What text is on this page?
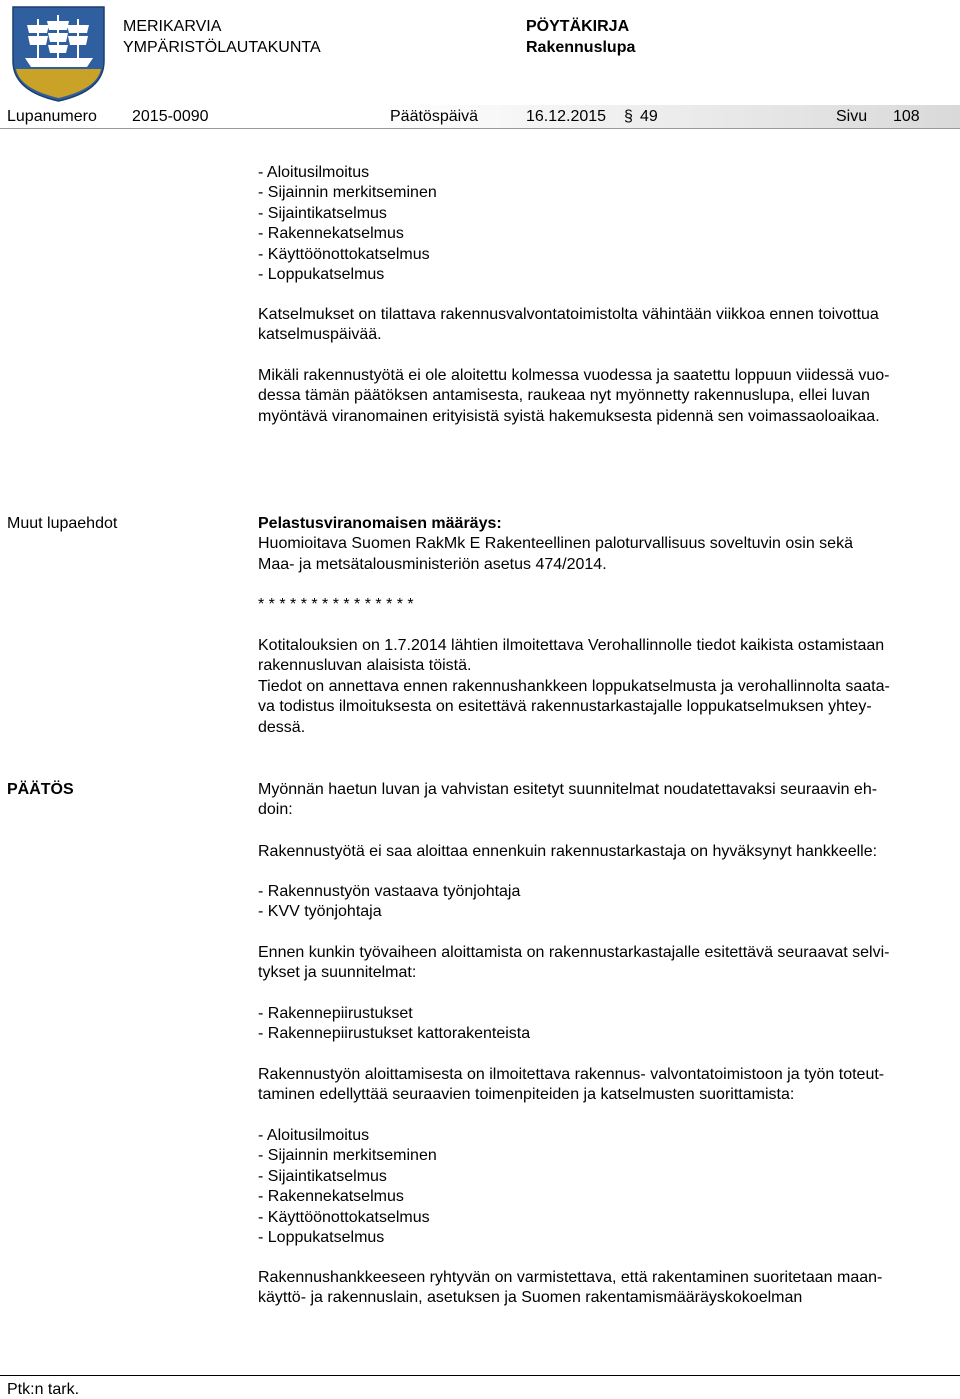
MERIKARVIA
YMPÄRISTÖLAUTAKUNTA
PÖYTÄKIRJA
Rakennuslupa
Lupanumero 2015-0090	Päätöspäivä	16.12.2015 § 49	Sivu 108
- Aloitusilmoitus
- Sijainnin merkitseminen
- Sijaintikatselmus
- Rakennekatselmus
- Käyttöönottokatselmus
- Loppukatselmus
Katselmukset on tilattava rakennusvalvontatoimistolta vähintään viikkoa ennen toivottua
katselmuspäivää.
Mikäli rakennustyötä ei ole aloitettu kolmessa vuodessa ja saatettu loppuun viidessä vuo-
dessa tämän päätöksen antamisesta, raukeaa nyt myönnetty rakennuslupa, ellei luvan
myöntävä viranomainen erityisistä syistä hakemuksesta pidennä sen voimassaoloaikaa.
Muut lupaehdot	Pelastusviranomaisen määräys:
Huomioitava Suomen RakMk E Rakenteellinen paloturvallisuus soveltuvin osin sekä
Maa- ja metsätalousministeriön asetus 474/2014.
* * * * * * * * * * * * * * *
Kotitalouksien on 1.7.2014 lähtien ilmoitettava Verohallinnolle tiedot kaikista ostamistaan
rakennusluvan alaisista töistä.
Tiedot on annettava ennen rakennushankkeen loppukatselmusta ja verohallinnolta saata-
va todistus ilmoituksesta on esitettävä rakennustarkastajalle loppukatselmuksen yhtey-
dessä.
PÄÄTÖS	Myönnän haetun luvan ja vahvistan esitetyt suunnitelmat noudatettavaksi seuraavin eh-
doin:
Rakennustyötä ei saa aloittaa ennenkuin rakennustarkastaja on hyväksynyt hankkeelle:
- Rakennustyön vastaava työnjohtaja
- KVV työnjohtaja
Ennen kunkin työvaiheen aloittamista on rakennustarkastajalle esitettävä seuraavat selvi-
tykset ja suunnitelmat:
- Rakennepiirustukset
- Rakennepiirustukset kattorakenteista
Rakennustyön aloittamisesta on ilmoitettava rakennus- valvontatoimistoon ja työn toteut-
taminen edellyttää seuraavien toimenpiteiden ja katselmusten suorittamista:
- Aloitusilmoitus
- Sijainnin merkitseminen
- Sijaintikatselmus
- Rakennekatselmus
- Käyttöönottokatselmus
- Loppukatselmus
Rakennushankkeeseen ryhtyvän on varmistettava, että rakentaminen suoritetaan maan-
käyttö- ja rakennuslain, asetuksen ja Suomen rakentamismääräyskokoelman
Ptk:n tark.
